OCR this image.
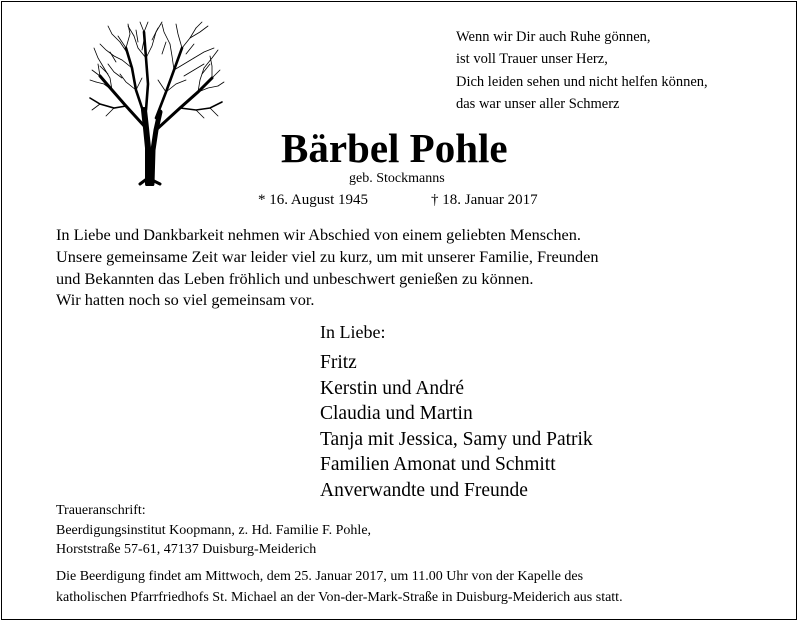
Wenn wir Dir auch Ruhe gönnen,
ist voll Trauer unser Herz,
Dich leiden sehen und nicht helfen können,
das war unser aller Schmerz
Bärbel Pohle
geb. Stockmanns
* 16. August 1945	† 18. Januar 2017
In Liebe und Dankbarkeit nehmen wir Abschied von einem geliebten Menschen.
Unsere gemeinsame Zeit war leider viel zu kurz, um mit unserer Familie, Freunden
und Bekannten das Leben fröhlich und unbeschwert genießen zu können.
Wir hatten noch so viel gemeinsam vor.
In Liebe:
Fritz
Kerstin und André
Claudia und Martin
Tanja mit Jessica, Samy und Patrik
Familien Amonat und Schmitt
Anverwandte und Freunde
Traueranschrift:
Beerdigungsinstitut Koopmann, z. Hd. Familie F. Pohle,
Horststraße 57-61, 47137 Duisburg-Meiderich
Die Beerdigung findet am Mittwoch, dem 25. Januar 2017, um 11.00 Uhr von der Kapelle des
katholischen Pfarrfriedhofs St. Michael an der Von-der-Mark-Straße in Duisburg-Meiderich aus statt.
